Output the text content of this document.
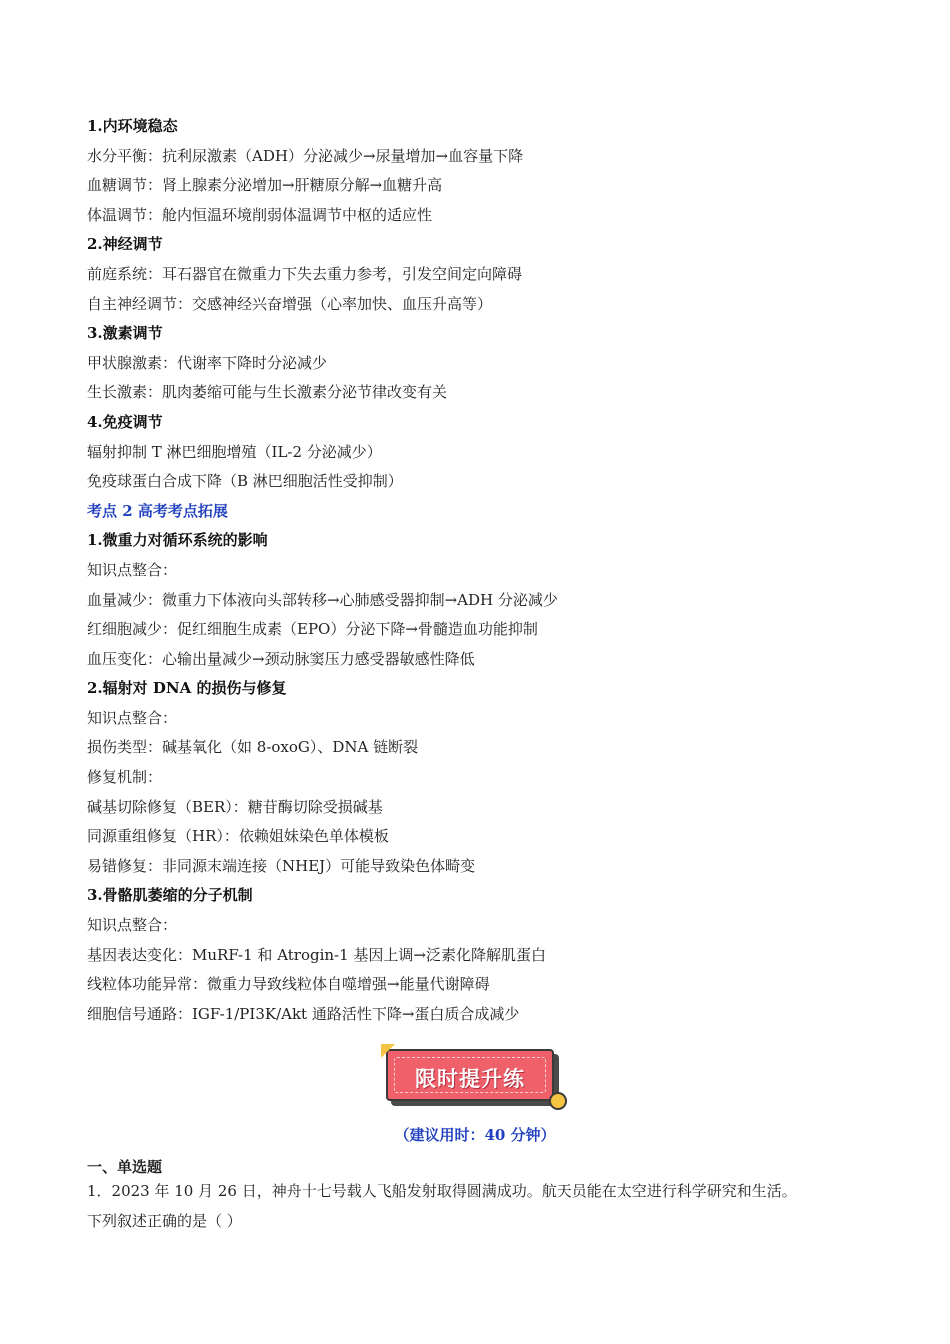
1.内环境稳态
水分平衡：抗利尿激素（ADH）分泌减少→尿量增加→血容量下降
血糖调节：肾上腺素分泌增加→肝糖原分解→血糖升高
体温调节：舱内恒温环境削弱体温调节中枢的适应性
2.神经调节
前庭系统：耳石器官在微重力下失去重力参考，引发空间定向障碍
自主神经调节：交感神经兴奋增强（心率加快、血压升高等）
3.激素调节
甲状腺激素：代谢率下降时分泌减少
生长激素：肌肉萎缩可能与生长激素分泌节律改变有关
4.免疫调节
辐射抑制 T 淋巴细胞增殖（IL-2 分泌减少）
免疫球蛋白合成下降（B 淋巴细胞活性受抑制）
考点 2 高考考点拓展
1.微重力对循环系统的影响
知识点整合：
血量减少：微重力下体液向头部转移→心肺感受器抑制→ADH 分泌减少
红细胞减少：促红细胞生成素（EPO）分泌下降→骨髓造血功能抑制
血压变化：心输出量减少→颈动脉窦压力感受器敏感性降低
2.辐射对 DNA 的损伤与修复
知识点整合：
损伤类型：碱基氧化（如 8-oxoG）、DNA 链断裂
修复机制：
碱基切除修复（BER）：糖苷酶切除受损碱基
同源重组修复（HR）：依赖姐妹染色单体模板
易错修复：非同源末端连接（NHEJ）可能导致染色体畸变
3.骨骼肌萎缩的分子机制
知识点整合：
基因表达变化：MuRF-1 和 Atrogin-1 基因上调→泛素化降解肌蛋白
线粒体功能异常：微重力导致线粒体自噬增强→能量代谢障碍
细胞信号通路：IGF-1/PI3K/Akt 通路活性下降→蛋白质合成减少
限时提升练
（建议用时：40 分钟）
一、单选题
1．2023 年 10 月 26 日，神舟十七号载人飞船发射取得圆满成功。航天员能在太空进行科学研究和生活。
下列叙述正确的是（ ）
